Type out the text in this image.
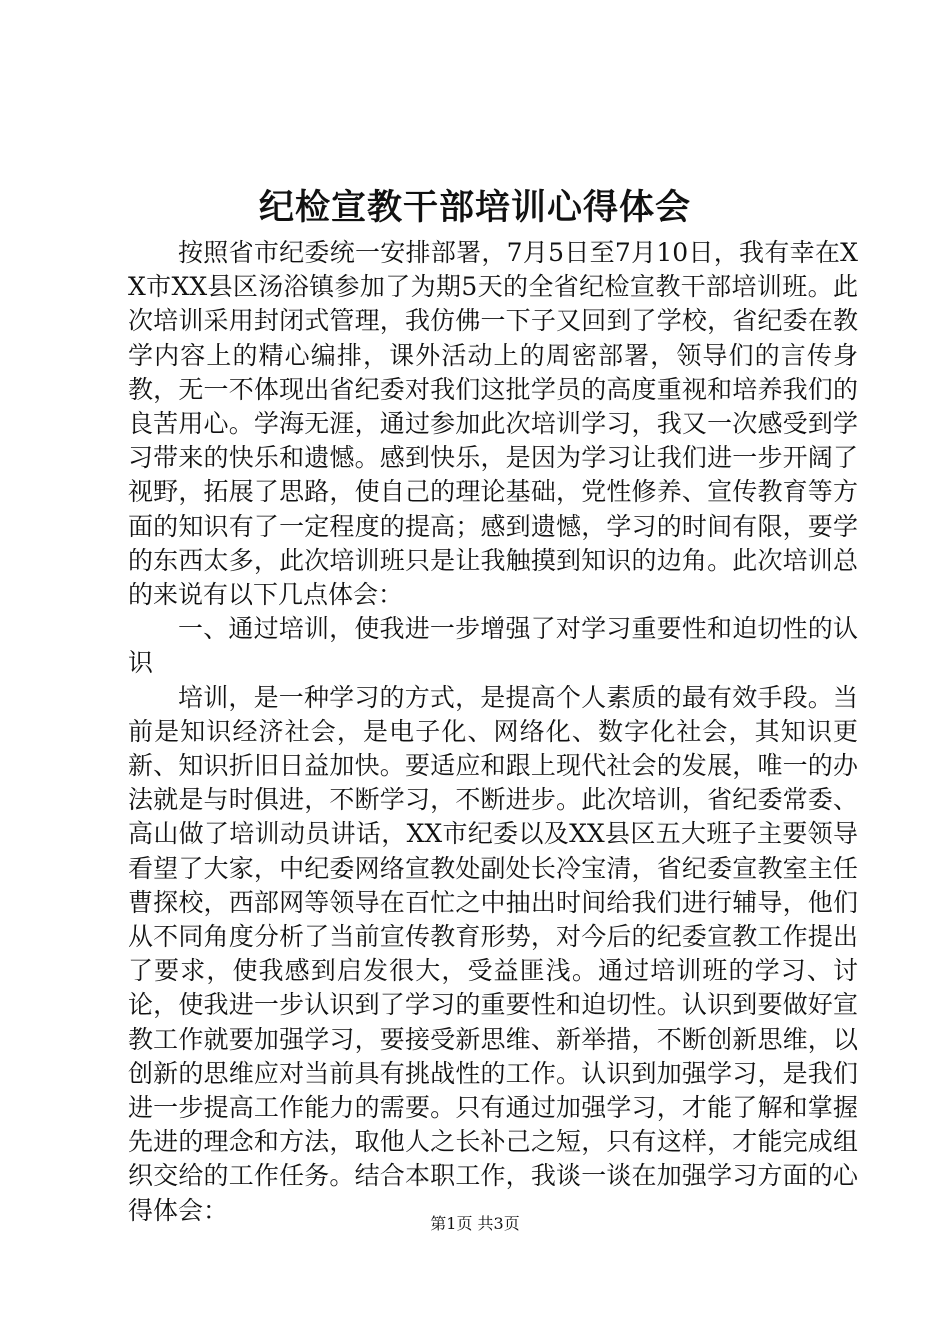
纪检宣教干部培训心得体会

按照省市纪委统一安排部署，7月5日至7月10日，我有幸在XX市XX县区汤浴镇参加了为期5天的全省纪检宣教干部培训班。此次培训采用封闭式管理，我仿佛一下子又回到了学校，省纪委在教学内容上的精心编排，课外活动上的周密部署，领导们的言传身教，无一不体现出省纪委对我们这批学员的高度重视和培养我们的良苦用心。学海无涯，通过参加此次培训学习，我又一次感受到学习带来的快乐和遗憾。感到快乐，是因为学习让我们进一步开阔了视野，拓展了思路，使自己的理论基础，党性修养、宣传教育等方面的知识有了一定程度的提高；感到遗憾，学习的时间有限，要学的东西太多，此次培训班只是让我触摸到知识的边角。此次培训总的来说有以下几点体会：

一、通过培训，使我进一步增强了对学习重要性和迫切性的认识

培训，是一种学习的方式，是提高个人素质的最有效手段。当前是知识经济社会，是电子化、网络化、数字化社会，其知识更新、知识折旧日益加快。要适应和跟上现代社会的发展，唯一的办法就是与时俱进，不断学习，不断进步。此次培训，省纪委常委、高山做了培训动员讲话，XX市纪委以及XX县区五大班子主要领导看望了大家，中纪委网络宣教处副处长冷宝清，省纪委宣教室主任曹探校，西部网等领导在百忙之中抽出时间给我们进行辅导，他们从不同角度分析了当前宣传教育形势，对今后的纪委宣教工作提出了要求，使我感到启发很大，受益匪浅。通过培训班的学习、讨论，使我进一步认识到了学习的重要性和迫切性。认识到要做好宣教工作就要加强学习，要接受新思维、新举措，不断创新思维，以创新的思维应对当前具有挑战性的工作。认识到加强学习，是我们进一步提高工作能力的需要。只有通过加强学习，才能了解和掌握先进的理念和方法，取他人之长补己之短，只有这样，才能完成组织交给的工作任务。结合本职工作，我谈一谈在加强学习方面的心得体会：	第1页 共3页
